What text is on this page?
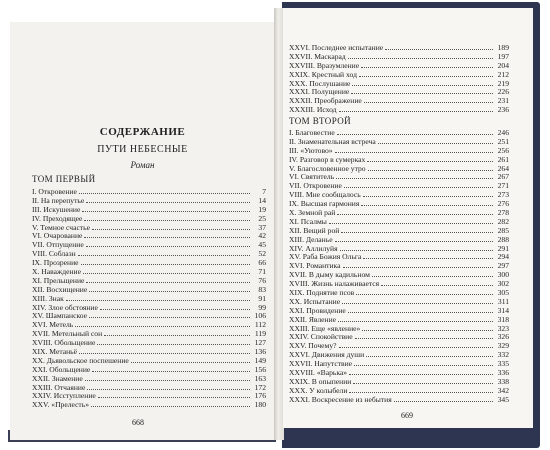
СОДЕРЖАНИЕ
ПУТИ НЕБЕСНЫЕ
Роман
ТОМ ПЕРВЫЙ
I. Откровение	7
II. На перепутье	14
III. Искушение	19
IV. Преходящее	25
V. Темное счастье	37
VI. Очарование	42
VII. Отпущение	45
VIII. Соблазн	52
IX. Прозрение	66
X. Наваждение	71
XI. Прельщение	76
XII. Восхищение	83
XIII. Знак	91
XIV. Злое обстояние	99
XV. Шампанское	106
XVI. Метель	112
XVII. Метельный сон	119
XVIII. Обольщение	127
XIX. Метаньё	136
XX. Дьявольское поспешение	149
XXI. Обольщение	156
XXII. Знамение	163
XXIII. Отчаяние	172
XXIV. Исступление	176
XXV. «Прелесть»	180
668
XXVI. Последнее испытание	189
XXVII. Маскарад	197
XXVIII. Вразумление	204
XXIX. Крестный ход	212
XXX. Послушание	219
XXXI. Полущение	226
XXXII. Преображение	231
XXXIII. Исход	236
ТОМ ВТОРОЙ
I. Благовестие	246
II. Знаменательная встреча	251
III. «Уютово»	256
IV. Разговор в сумерках	261
V. Благословенное утро	264
VI. Святитель	267
VII. Откровение	271
VIII. Мне сообщалось	273
IX. Высшая гармония	276
X. Земной рай	278
XI. Псалмы	282
XII. Вещий рой	285
XIII. Деланье	288
XIV. Аллилуйя	291
XV. Раба Божия Ольга	294
XVI. Романтика	297
XVII. В дыму кадильном	300
XVIII. Жизнь налаживается	302
XIX. Поднятие псов	305
XX. Испытание	311
XXI. Провидение	314
XXII. Явление	318
XXIII. Еще «явление»	323
XXIV. Спокойствие	326
XXV. Почему?	329
XXVI. Движения души	332
XXVII. Напутствие	335
XXVIII. «Варька»	336
XXIX. В опыпении	338
XXX. У колыбели	342
XXXI. Воскресение из небытия	345
669
